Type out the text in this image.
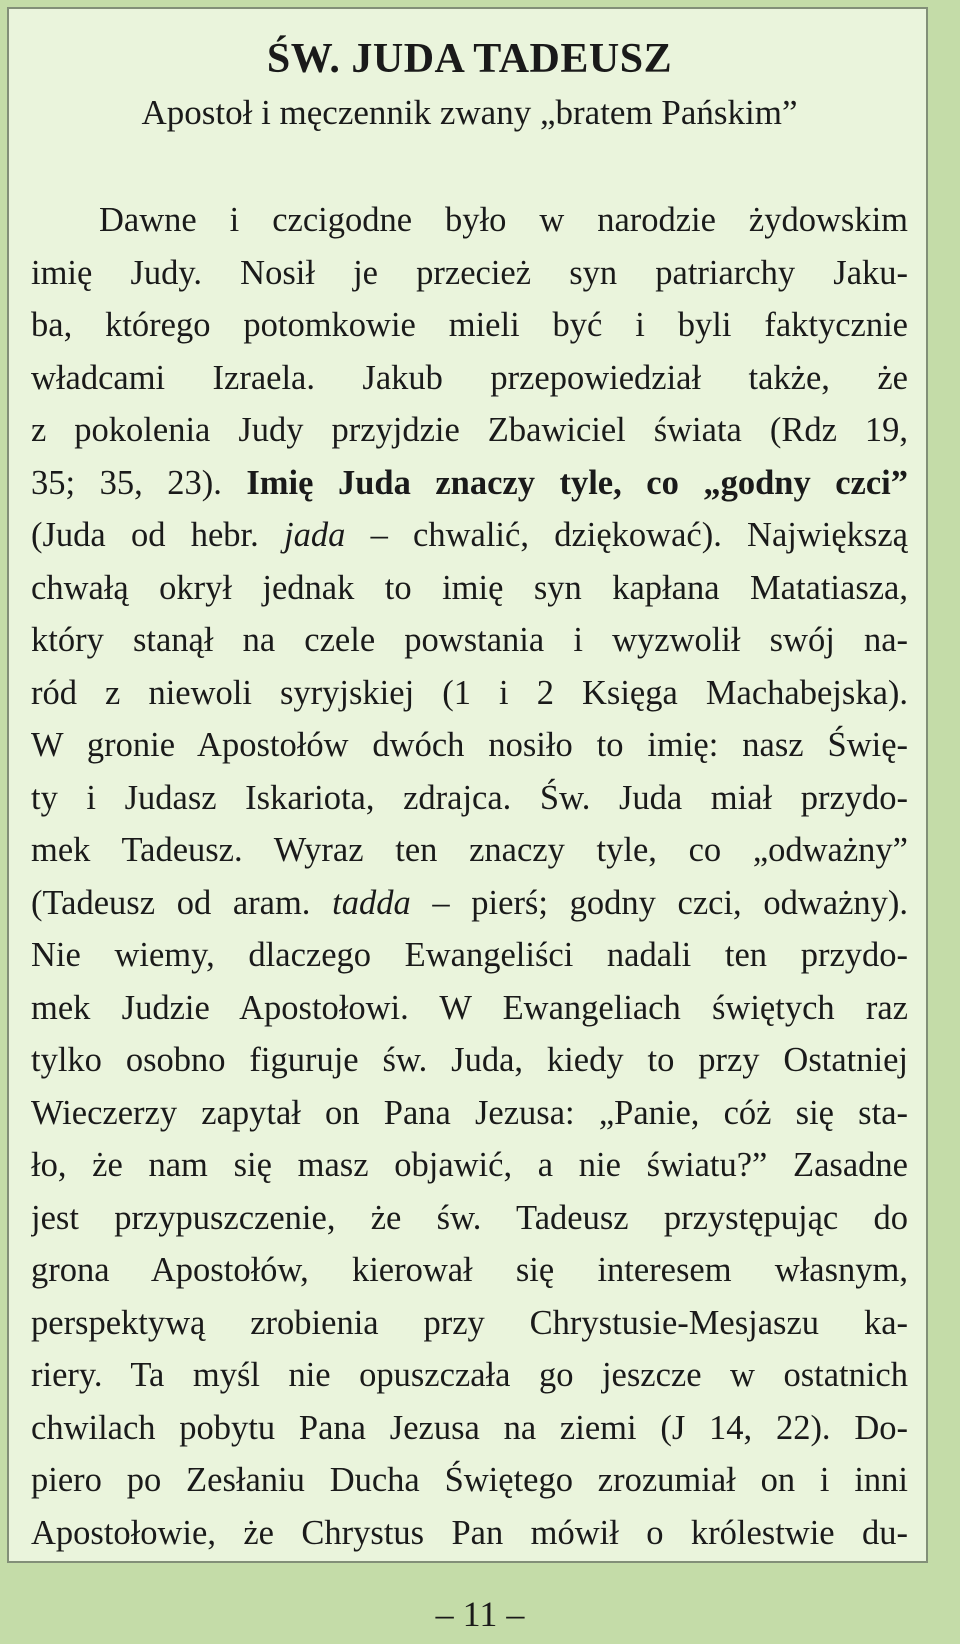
ŚW. JUDA TADEUSZ

Apostoł i męczennik zwany „bratem Pańskim”

Dawne i czcigodne było w narodzie żydowskim
imię Judy. Nosił je przecież syn patriarchy Jaku-
ba, którego potomkowie mieli być i byli faktycznie
władcami Izraela. Jakub przepowiedział także, że
z pokolenia Judy przyjdzie Zbawiciel świata (Rdz 19,
35; 35, 23). Imię Juda znaczy tyle, co „godny czci”
(Juda od hebr. jada – chwalić, dziękować). Największą
chwałą okrył jednak to imię syn kapłana Matatiasza,
który stanął na czele powstania i wyzwolił swój na-
ród z niewoli syryjskiej (1 i 2 Księga Machabejska).
W gronie Apostołów dwóch nosiło to imię: nasz Świę-
ty i Judasz Iskariota, zdrajca. Św. Juda miał przydo-
mek Tadeusz. Wyraz ten znaczy tyle, co „odważny”
(Tadeusz od aram. tadda – pierś; godny czci, odważny).
Nie wiemy, dlaczego Ewangeliści nadali ten przydo-
mek Judzie Apostołowi. W Ewangeliach świętych raz
tylko osobno figuruje św. Juda, kiedy to przy Ostatniej
Wieczerzy zapytał on Pana Jezusa: „Panie, cóż się sta-
ło, że nam się masz objawić, a nie światu?” Zasadne
jest przypuszczenie, że św. Tadeusz przystępując do
grona Apostołów, kierował się interesem własnym,
perspektywą zrobienia przy Chrystusie-Mesjaszu ka-
riery. Ta myśl nie opuszczała go jeszcze w ostatnich
chwilach pobytu Pana Jezusa na ziemi (J 14, 22). Do-
piero po Zesłaniu Ducha Świętego zrozumiał on i inni
Apostołowie, że Chrystus Pan mówił o królestwie du-
– 11 –
